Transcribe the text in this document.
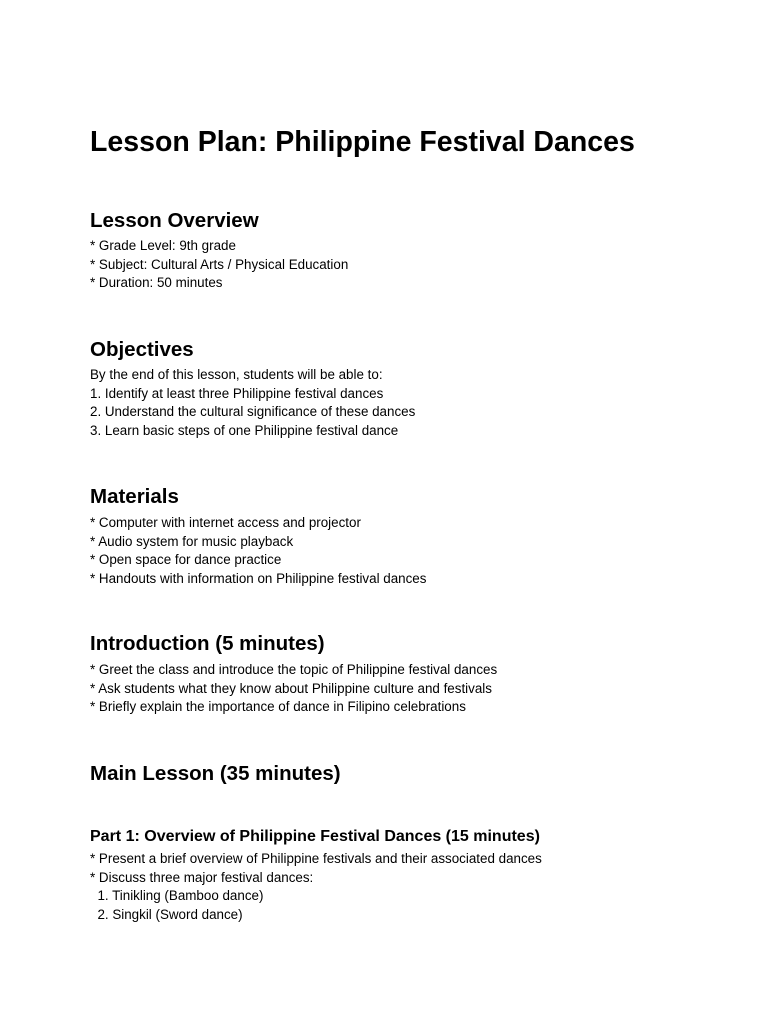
Lesson Plan: Philippine Festival Dances
Lesson Overview
* Grade Level: 9th grade
* Subject: Cultural Arts / Physical Education
* Duration: 50 minutes
Objectives
By the end of this lesson, students will be able to:
1. Identify at least three Philippine festival dances
2. Understand the cultural significance of these dances
3. Learn basic steps of one Philippine festival dance
Materials
* Computer with internet access and projector
* Audio system for music playback
* Open space for dance practice
* Handouts with information on Philippine festival dances
Introduction (5 minutes)
* Greet the class and introduce the topic of Philippine festival dances
* Ask students what they know about Philippine culture and festivals
* Briefly explain the importance of dance in Filipino celebrations
Main Lesson (35 minutes)
Part 1: Overview of Philippine Festival Dances (15 minutes)
* Present a brief overview of Philippine festivals and their associated dances
* Discuss three major festival dances:
1. Tinikling (Bamboo dance)
2. Singkil (Sword dance)
